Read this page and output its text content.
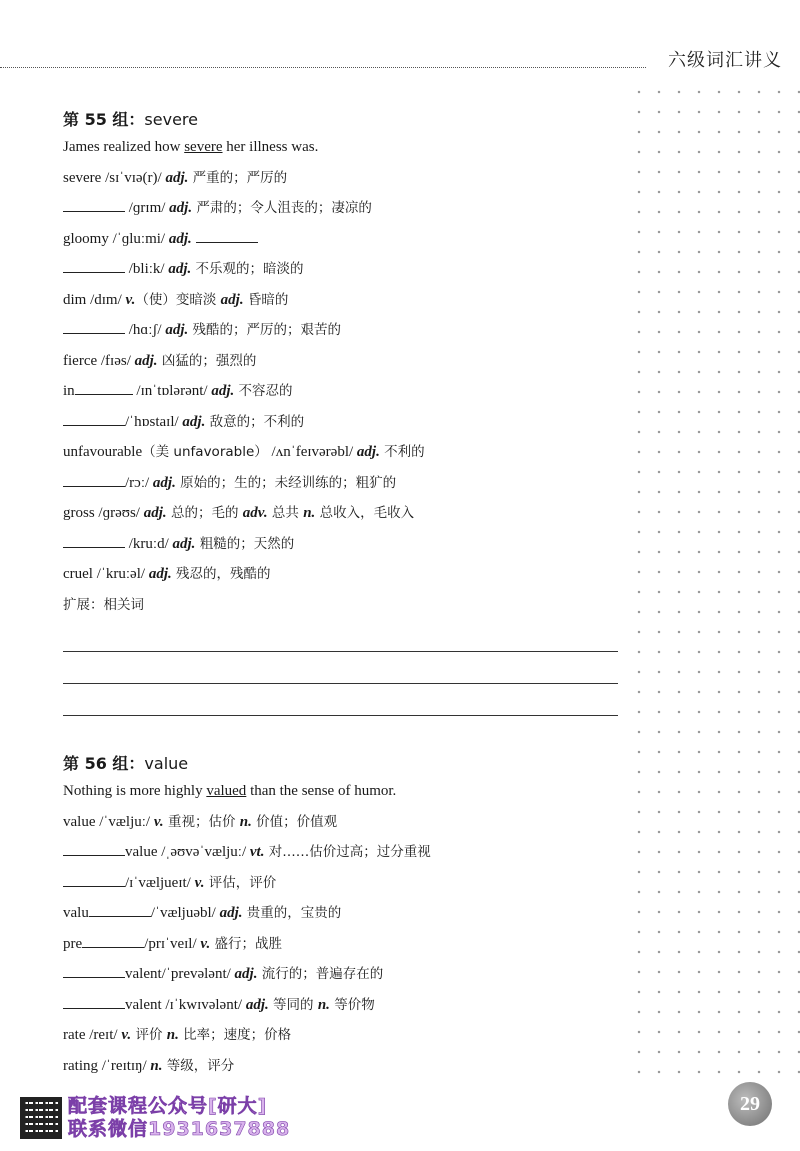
六级词汇讲义
第 55 组：severe
James realized how severe her illness was.
severe /sɪˈvɪə(r)/ adj. 严重的；严厉的
/ɡrɪm/ adj. 严肃的；令人沮丧的；凄凉的
gloomy /ˈɡluːmi/ adj.
/bliːk/ adj. 不乐观的；暗淡的
dim /dɪm/ v.（使）变暗淡 adj. 昏暗的
/hɑːʃ/ adj. 残酷的；严厉的；艰苦的
fierce /fɪəs/ adj. 凶猛的；强烈的
in	/ɪnˈtɒlərənt/ adj. 不容忍的
/ˈhɒstaɪl/ adj. 敌意的；不利的
unfavourable（美 unfavorable） /ʌnˈfeɪvərəbl/ adj. 不利的
/rɔː/ adj. 原始的；生的；未经训练的；粗犷的
gross /ɡrəʊs/ adj. 总的；毛的 adv. 总共 n. 总收入，毛收入
/kruːd/ adj. 粗糙的；天然的
cruel /ˈkruːəl/ adj. 残忍的，残酷的
扩展：相关词
第 56 组：value
Nothing is more highly valued than the sense of humor.
value /ˈvæljuː/ v. 重视；估价 n. 价值；价值观
value /ˌəʊvəˈvæljuː/ vt. 对……估价过高；过分重视
/ɪˈvæljueɪt/ v. 评估，评价
valu	/ˈvæljuəbl/ adj. 贵重的，宝贵的
pre	/prɪˈveɪl/ v. 盛行；战胜
valent/ˈprevələnt/ adj. 流行的；普遍存在的
valent /ɪˈkwɪvələnt/ adj. 等同的 n. 等价物
rate /reɪt/ v. 评价 n. 比率；速度；价格
rating /ˈreɪtɪŋ/ n. 等级，评分
配套课程公众号[研大]
联系微信1931637888
29
